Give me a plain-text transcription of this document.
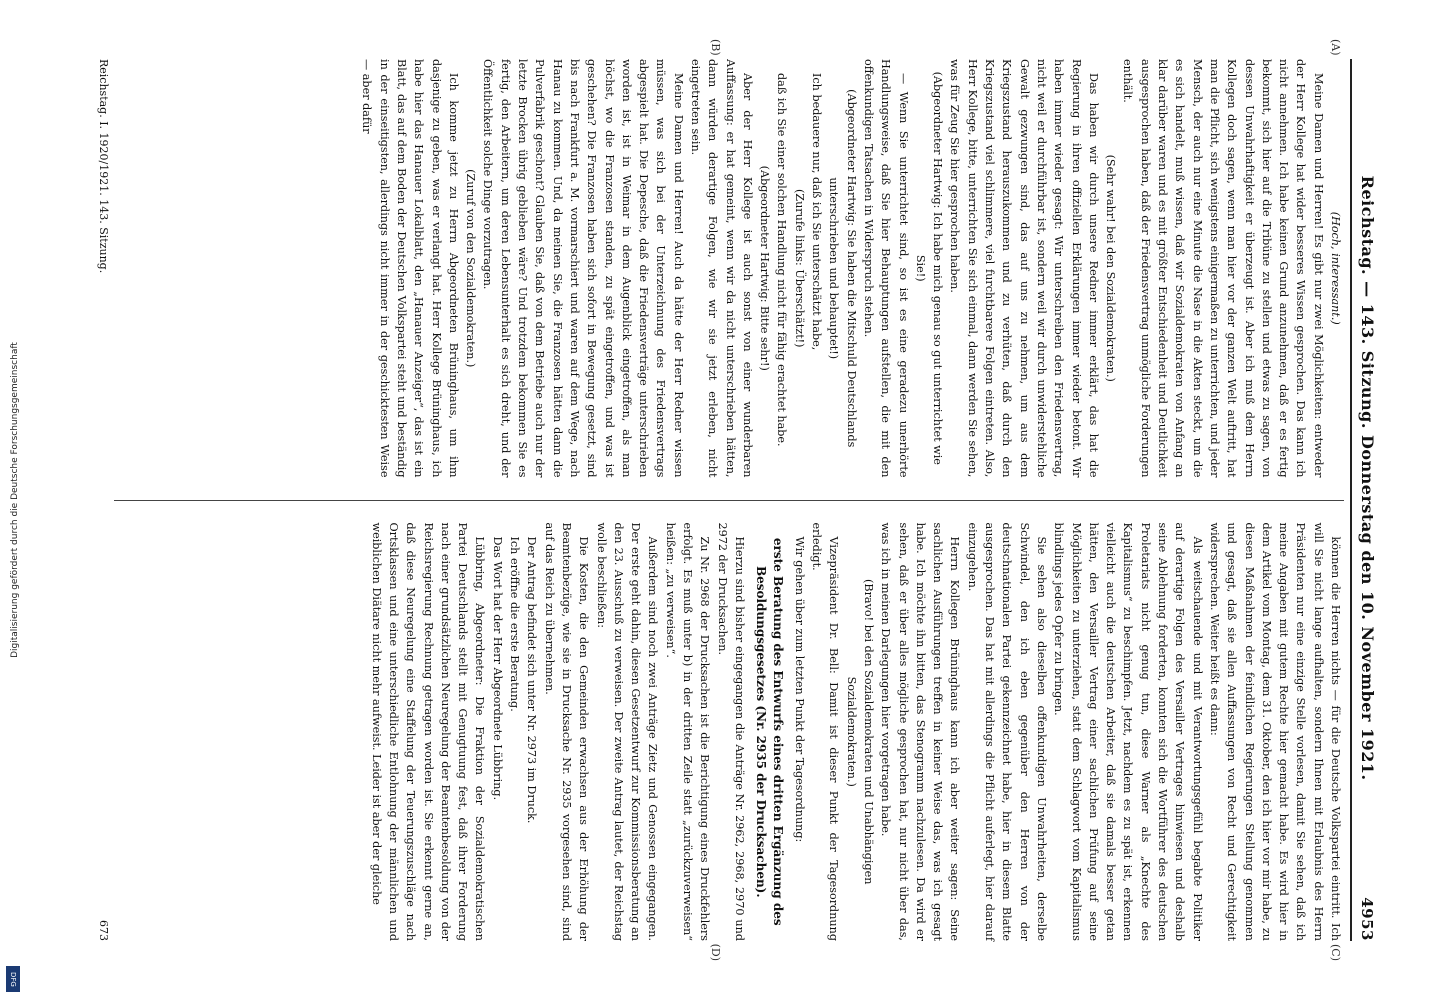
Reichstag. — 143. Sitzung. Donnerstag den 10. November 1921.
4953
(A)
(B)

(Hoch, interessant.)

Meine Damen und Herren! Es gibt nur zwei Möglichkeiten: entweder der Herr Kollege hat wider besseres Wissen gesprochen. Das kann ich nicht annehmen. Ich habe keinen Grund anzunehmen, daß er es fertig bekommt, sich hier auf die Tribüne zu stellen und etwas zu sagen, von dessen Unwahrhaftigkeit er überzeugt ist. Aber ich muß dem Herrn Kollegen doch sagen, wenn man hier vor der ganzen Welt auftritt, hat man die Pflicht, sich wenigstens einigermaßen zu unterrichten, und jeder Mensch, der auch nur eine Minute die Nase in die Akten steckt, um die es sich handelt, muß wissen, daß wir Sozialdemokraten von Anfang an klar darüber waren und es mit größter Entschiedenheit und Deutlichkeit ausgesprochen haben, daß der Friedensvertrag unmögliche Forderungen enthält.

(Sehr wahr! bei den Sozialdemokraten.)

Das haben wir durch unsere Redner immer erklärt, das hat die Regierung in ihren offiziellen Erklärungen immer wieder betont. Wir haben immer wieder gesagt: Wir unterschreiben den Friedensvertrag, nicht weil er durchführbar ist, sondern weil wir durch unwiderstehliche Gewalt gezwungen sind, das auf uns zu nehmen, um aus dem Kriegszustand herauszukommen und zu verhüten, daß durch den Kriegszustand viel schlimmere, viel furchtbarere Folgen eintreten. Also, Herr Kollege, bitte, unterrichten Sie sich einmal, dann werden Sie sehen, was für Zeug Sie hier gesprochen haben.

(Abgeordneter Hartwig: Ich habe mich genau so gut unterrichtet wie Sie!)

— Wenn Sie unterrichtet sind, so ist es eine geradezu unerhörte Handlungsweise, daß Sie hier Behauptungen aufstellen, die mit den offenkundigen Tatsachen in Widerspruch stehen.

(Abgeordneter Hartwig: Sie haben die Mitschuld Deutschlands unterschrieben und behauptet!)

Ich bedauere nur, daß ich Sie unterschätzt habe,

(Zurufe links: Überschätzt!)

daß ich Sie einer solchen Handlung nicht für fähig erachtet habe.

(Abgeordneter Hartwig: Bitte sehr!)

Aber der Herr Kollege ist auch sonst von einer wunderbaren Auffassung: er hat gemeint, wenn wir da nicht unterschrieben hätten, dann würden derartige Folgen, wie wir sie jetzt erleben, nicht eingetreten sein.

Meine Damen und Herren! Auch da hätte der Herr Redner wissen müssen, was sich bei der Unterzeichnung des Friedensvertrags abgespielt hat. Die Depesche, daß die Friedensverträge unterschrieben worden ist, ist in Weimar in dem Augenblick eingetroffen, als man höchst, wo die Franzosen standen, zu spät eingetroffen, und was ist geschehen? Die Franzosen haben sich sofort in Bewegung gesetzt, sind bis nach Frankfurt a. M. vormarschiert und waren auf dem Wege, nach Hanau zu kommen. Und, da meinen Sie, die Franzosen hätten dann die Pulverfabrik geschont? Glauben Sie, daß von dem Betriebe auch nur der letzte Brocken übrig geblieben wäre? Und trotzdem bekommen Sie es fertig, den Arbeitern, um deren Lebensunterhalt es sich dreht, und der Öffentlichkeit solche Dinge vorzutragen.

(Zuruf von den Sozialdemokraten.)

Ich komme jetzt zu Herrn Abgeordneten Brüninghaus, um ihm dasjenige zu geben, was er verlangt hat. Herr Kollege Brüninghaus, ich habe hier das Hanauer Lokalblatt, den „Hanauer Anzeiger“, das ist ein Blatt, das auf dem Boden der Deutschen Volkspartei steht und beständig in der einseitigsten, allerdings nicht immer in der geschicktesten Weise — aber dafür

(C)
(D)

können die Herren nichts — für die Deutsche Volkspartei eintritt. Ich will Sie nicht lange aufhalten, sondern Ihnen mit Erlaubnis des Herrn Präsidenten nur eine einzige Stelle vorlesen, damit Sie sehen, daß ich meine Angaben mit gutem Rechte hier gemacht habe. Es wird hier in dem Artikel vom Montag, dem 31. Oktober, den ich hier vor mir habe, zu diesen Maßnahmen der feindlichen Regierungen Stellung genommen und gesagt, daß sie allen Auffassungen von Recht und Gerechtigkeit widersprechen. Weiter heißt es dann:

Als weitschauende und mit Verantwortungsgefühl begabte Politiker auf derartige Folgen des Versailler Vertrages hinwiesen und deshalb seine Ablehnung forderten, konnten sich die Wortführer des deutschen Proletariats nicht genug tun, diese Warner als „Knechte des Kapitalismus“ zu beschimpfen. Jetzt, nachdem es zu spät ist, erkennen vielleicht auch die deutschen Arbeiter, daß sie damals besser getan hätten, den Versailler Vertrag einer sachlichen Prüfung auf seine Möglichkeiten zu unterziehen, statt dem Schlagwort vom Kapitalismus blindlings jedes Opfer zu bringen.

Sie sehen also dieselben offenkundigen Unwahrheiten, derselbe Schwindel, den ich eben gegenüber den Herren von der deutschnationalen Partei gekennzeichnet habe, hier in diesem Blatte ausgesprochen. Das hat mit allerdings die Pflicht auferlegt, hier darauf einzugehen.

Herrn Kollegen Brüninghaus kann ich aber weiter sagen: Seine sachlichen Ausführungen treffen in keiner Weise das, was ich gesagt habe. Ich möchte ihn bitten, das Stenogramm nachzulesen. Da wird er sehen, daß er über alles mögliche gesprochen hat, nur nicht über das, was ich in meinen Darlegungen hier vorgetragen habe.

(Bravo! bei den Sozialdemokraten und Unabhängigen Sozialdemokraten.)

Vizepräsident Dr. Bell: Damit ist dieser Punkt der Tagesordnung erledigt.

Wir gehen über zum letzten Punkt der Tagesordnung:

erste Beratung des Entwurfs eines dritten Ergänzung des Besoldungsgesetzes (Nr. 2935 der Drucksachen).

Hierzu sind bisher eingegangen die Anträge Nr. 2962, 2968, 2970 und 2972 der Drucksachen.

Zu Nr. 2968 der Drucksachen ist die Berichtigung eines Druckfehlers erfolgt. Es muß unter b) in der dritten Zeile statt „zurückzuverweisen“ heißen: „zu verweisen“.

Außerdem sind noch zwei Anträge Zietz und Genossen eingegangen. Der erste geht dahin, diesen Gesetzentwurf zur Kommissionsberatung an den 23. Ausschuß zu verweisen. Der zweite Antrag lautet, der Reichstag wolle beschließen:

Die Kosten, die den Gemeinden erwachsen aus der Erhöhung der Beamtenbezüge, wie sie in Drucksache Nr. 2935 vorgesehen sind, sind auf das Reich zu übernehmen.

Der Antrag befindet sich unter Nr. 2973 im Druck.

Ich eröffne die erste Beratung.

Das Wort hat der Herr Abgeordnete Lübbring.

Lübbring, Abgeordneter: Die Fraktion der Sozialdemokratischen Partei Deutschlands stellt mit Genugtuung fest, daß ihrer Forderung nach einer grundsätzlichen Neuregelung der Beamtenbesoldung von der Reichsregierung Rechnung getragen worden ist. Sie erkennt gerne an, daß diese Neuregelung eine Staffelung der Teuerungszuschläge nach Ortsklassen und eine unterschiedliche Entlohnung der männlichen und weiblichen Diätare nicht mehr aufweist. Leider ist aber der gleiche

Reichstag. I. 1920/1921. 143. Sitzung.
673
Digitalisierung gefördert durch die Deutsche Forschungsgemeinschaft
DFG
